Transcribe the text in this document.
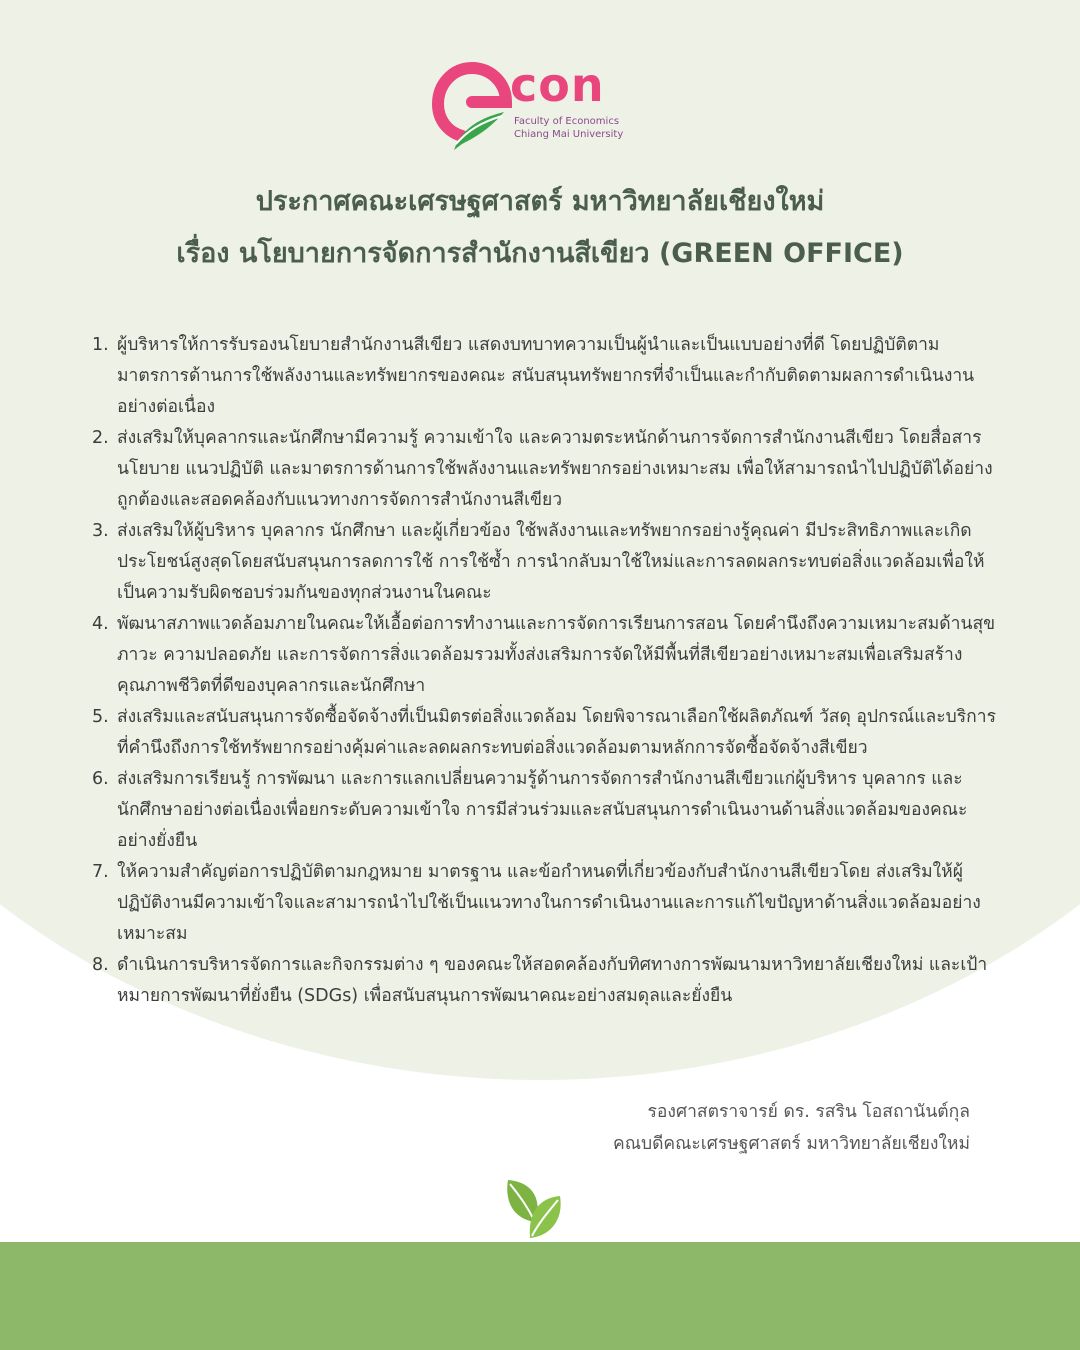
con
Faculty of Economics
Chiang Mai University
ประกาศคณะเศรษฐศาสตร์ มหาวิทยาลัยเชียงใหม่
เรื่อง นโยบายการจัดการสำนักงานสีเขียว (GREEN OFFICE)
1. ผู้บริหารให้การรับรองนโยบายสำนักงานสีเขียว แสดงบทบาทความเป็นผู้นำและเป็นแบบอย่างที่ดี โดยปฏิบัติตามมาตรการด้านการใช้พลังงานและทรัพยากรของคณะ สนับสนุนทรัพยากรที่จำเป็นและกำกับติดตามผลการดำเนินงานอย่างต่อเนื่อง
2. ส่งเสริมให้บุคลากรและนักศึกษามีความรู้ ความเข้าใจ และความตระหนักด้านการจัดการสำนักงานสีเขียว โดยสื่อสารนโยบาย แนวปฏิบัติ และมาตรการด้านการใช้พลังงานและทรัพยากรอย่างเหมาะสม เพื่อให้สามารถนำไปปฏิบัติได้อย่างถูกต้องและสอดคล้องกับแนวทางการจัดการสำนักงานสีเขียว
3. ส่งเสริมให้ผู้บริหาร บุคลากร นักศึกษา และผู้เกี่ยวข้อง ใช้พลังงานและทรัพยากรอย่างรู้คุณค่า มีประสิทธิภาพและเกิดประโยชน์สูงสุดโดยสนับสนุนการลดการใช้ การใช้ซ้ำ การนำกลับมาใช้ใหม่และการลดผลกระทบต่อสิ่งแวดล้อมเพื่อให้เป็นความรับผิดชอบร่วมกันของทุกส่วนงานในคณะ
4. พัฒนาสภาพแวดล้อมภายในคณะให้เอื้อต่อการทำงานและการจัดการเรียนการสอน โดยคำนึงถึงความเหมาะสมด้านสุขภาวะ ความปลอดภัย และการจัดการสิ่งแวดล้อมรวมทั้งส่งเสริมการจัดให้มีพื้นที่สีเขียวอย่างเหมาะสมเพื่อเสริมสร้างคุณภาพชีวิตที่ดีของบุคลากรและนักศึกษา
5. ส่งเสริมและสนับสนุนการจัดซื้อจัดจ้างที่เป็นมิตรต่อสิ่งแวดล้อม โดยพิจารณาเลือกใช้ผลิตภัณฑ์ วัสดุ อุปกรณ์และบริการที่คำนึงถึงการใช้ทรัพยากรอย่างคุ้มค่าและลดผลกระทบต่อสิ่งแวดล้อมตามหลักการจัดซื้อจัดจ้างสีเขียว
6. ส่งเสริมการเรียนรู้ การพัฒนา และการแลกเปลี่ยนความรู้ด้านการจัดการสำนักงานสีเขียวแก่ผู้บริหาร บุคลากร และนักศึกษาอย่างต่อเนื่องเพื่อยกระดับความเข้าใจ การมีส่วนร่วมและสนับสนุนการดำเนินงานด้านสิ่งแวดล้อมของคณะอย่างยั่งยืน
7. ให้ความสำคัญต่อการปฏิบัติตามกฎหมาย มาตรฐาน และข้อกำหนดที่เกี่ยวข้องกับสำนักงานสีเขียวโดย ส่งเสริมให้ผู้ปฏิบัติงานมีความเข้าใจและสามารถนำไปใช้เป็นแนวทางในการดำเนินงานและการแก้ไขปัญหาด้านสิ่งแวดล้อมอย่างเหมาะสม
8. ดำเนินการบริหารจัดการและกิจกรรมต่าง ๆ ของคณะให้สอดคล้องกับทิศทางการพัฒนามหาวิทยาลัยเชียงใหม่ และเป้าหมายการพัฒนาที่ยั่งยืน (SDGs) เพื่อสนับสนุนการพัฒนาคณะอย่างสมดุลและยั่งยืน
รองศาสตราจารย์ ดร. รสริน โอสถานันต์กุล
คณบดีคณะเศรษฐศาสตร์ มหาวิทยาลัยเชียงใหม่
